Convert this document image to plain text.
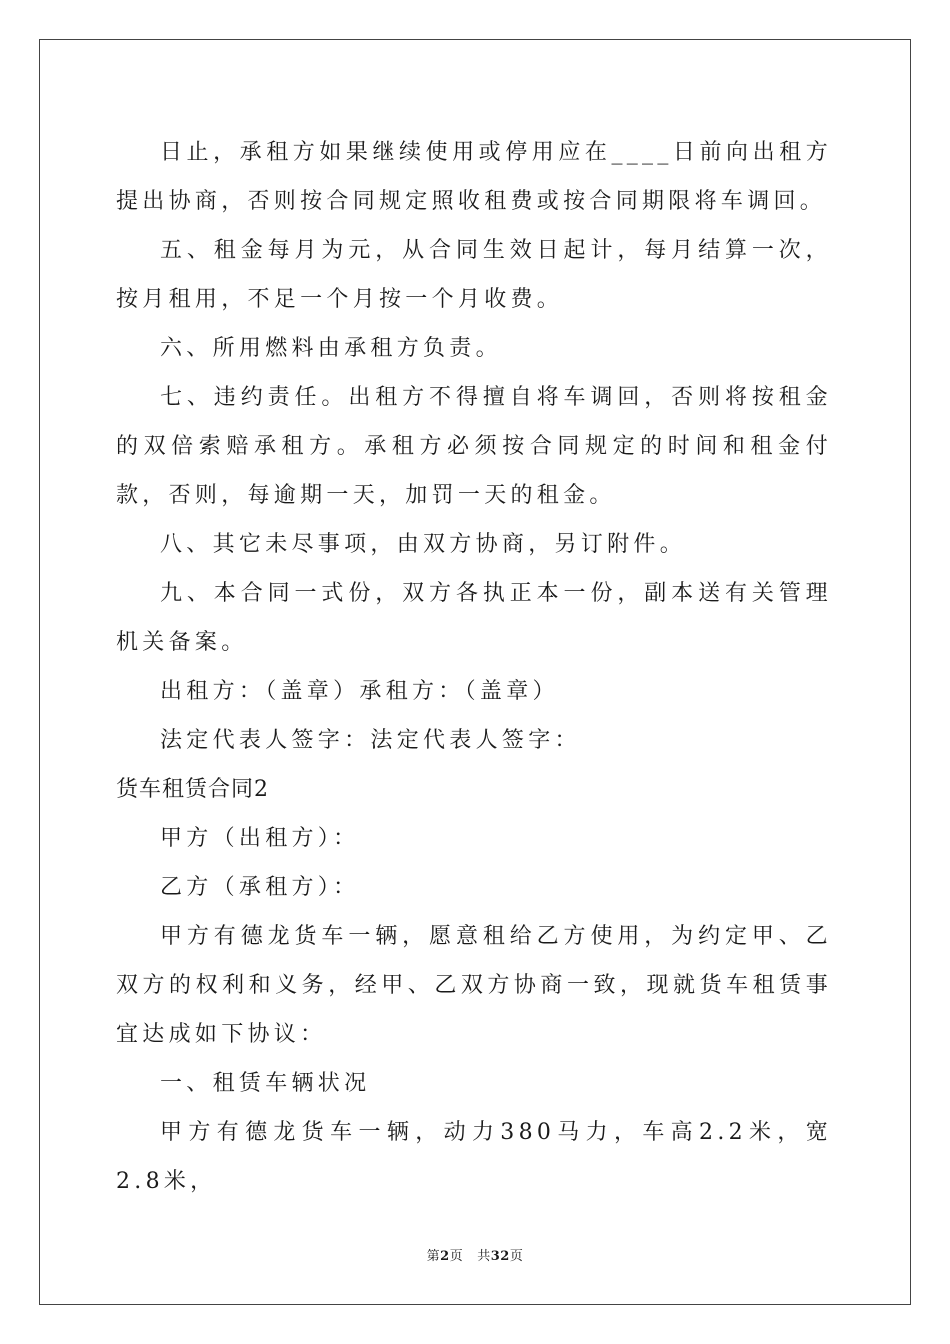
日止，承租方如果继续使用或停用应在____日前向出租方提出协商，否则按合同规定照收租费或按合同期限将车调回。

五、租金每月为元，从合同生效日起计，每月结算一次，按月租用，不足一个月按一个月收费。

六、所用燃料由承租方负责。

七、违约责任。出租方不得擅自将车调回，否则将按租金的双倍索赔承租方。承租方必须按合同规定的时间和租金付款，否则，每逾期一天，加罚一天的租金。

八、其它未尽事项，由双方协商，另订附件。

九、本合同一式份，双方各执正本一份，副本送有关管理机关备案。

出租方：（盖章）承租方：（盖章）

法定代表人签字：法定代表人签字：

货车租赁合同2

甲方（出租方）：

乙方（承租方）：

甲方有德龙货车一辆，愿意租给乙方使用，为约定甲、乙双方的权利和义务，经甲、乙双方协商一致，现就货车租赁事宜达成如下协议：

一、租赁车辆状况

甲方有德龙货车一辆，动力380马力，车高2.2米，宽2.8米，

第2页 共32页
